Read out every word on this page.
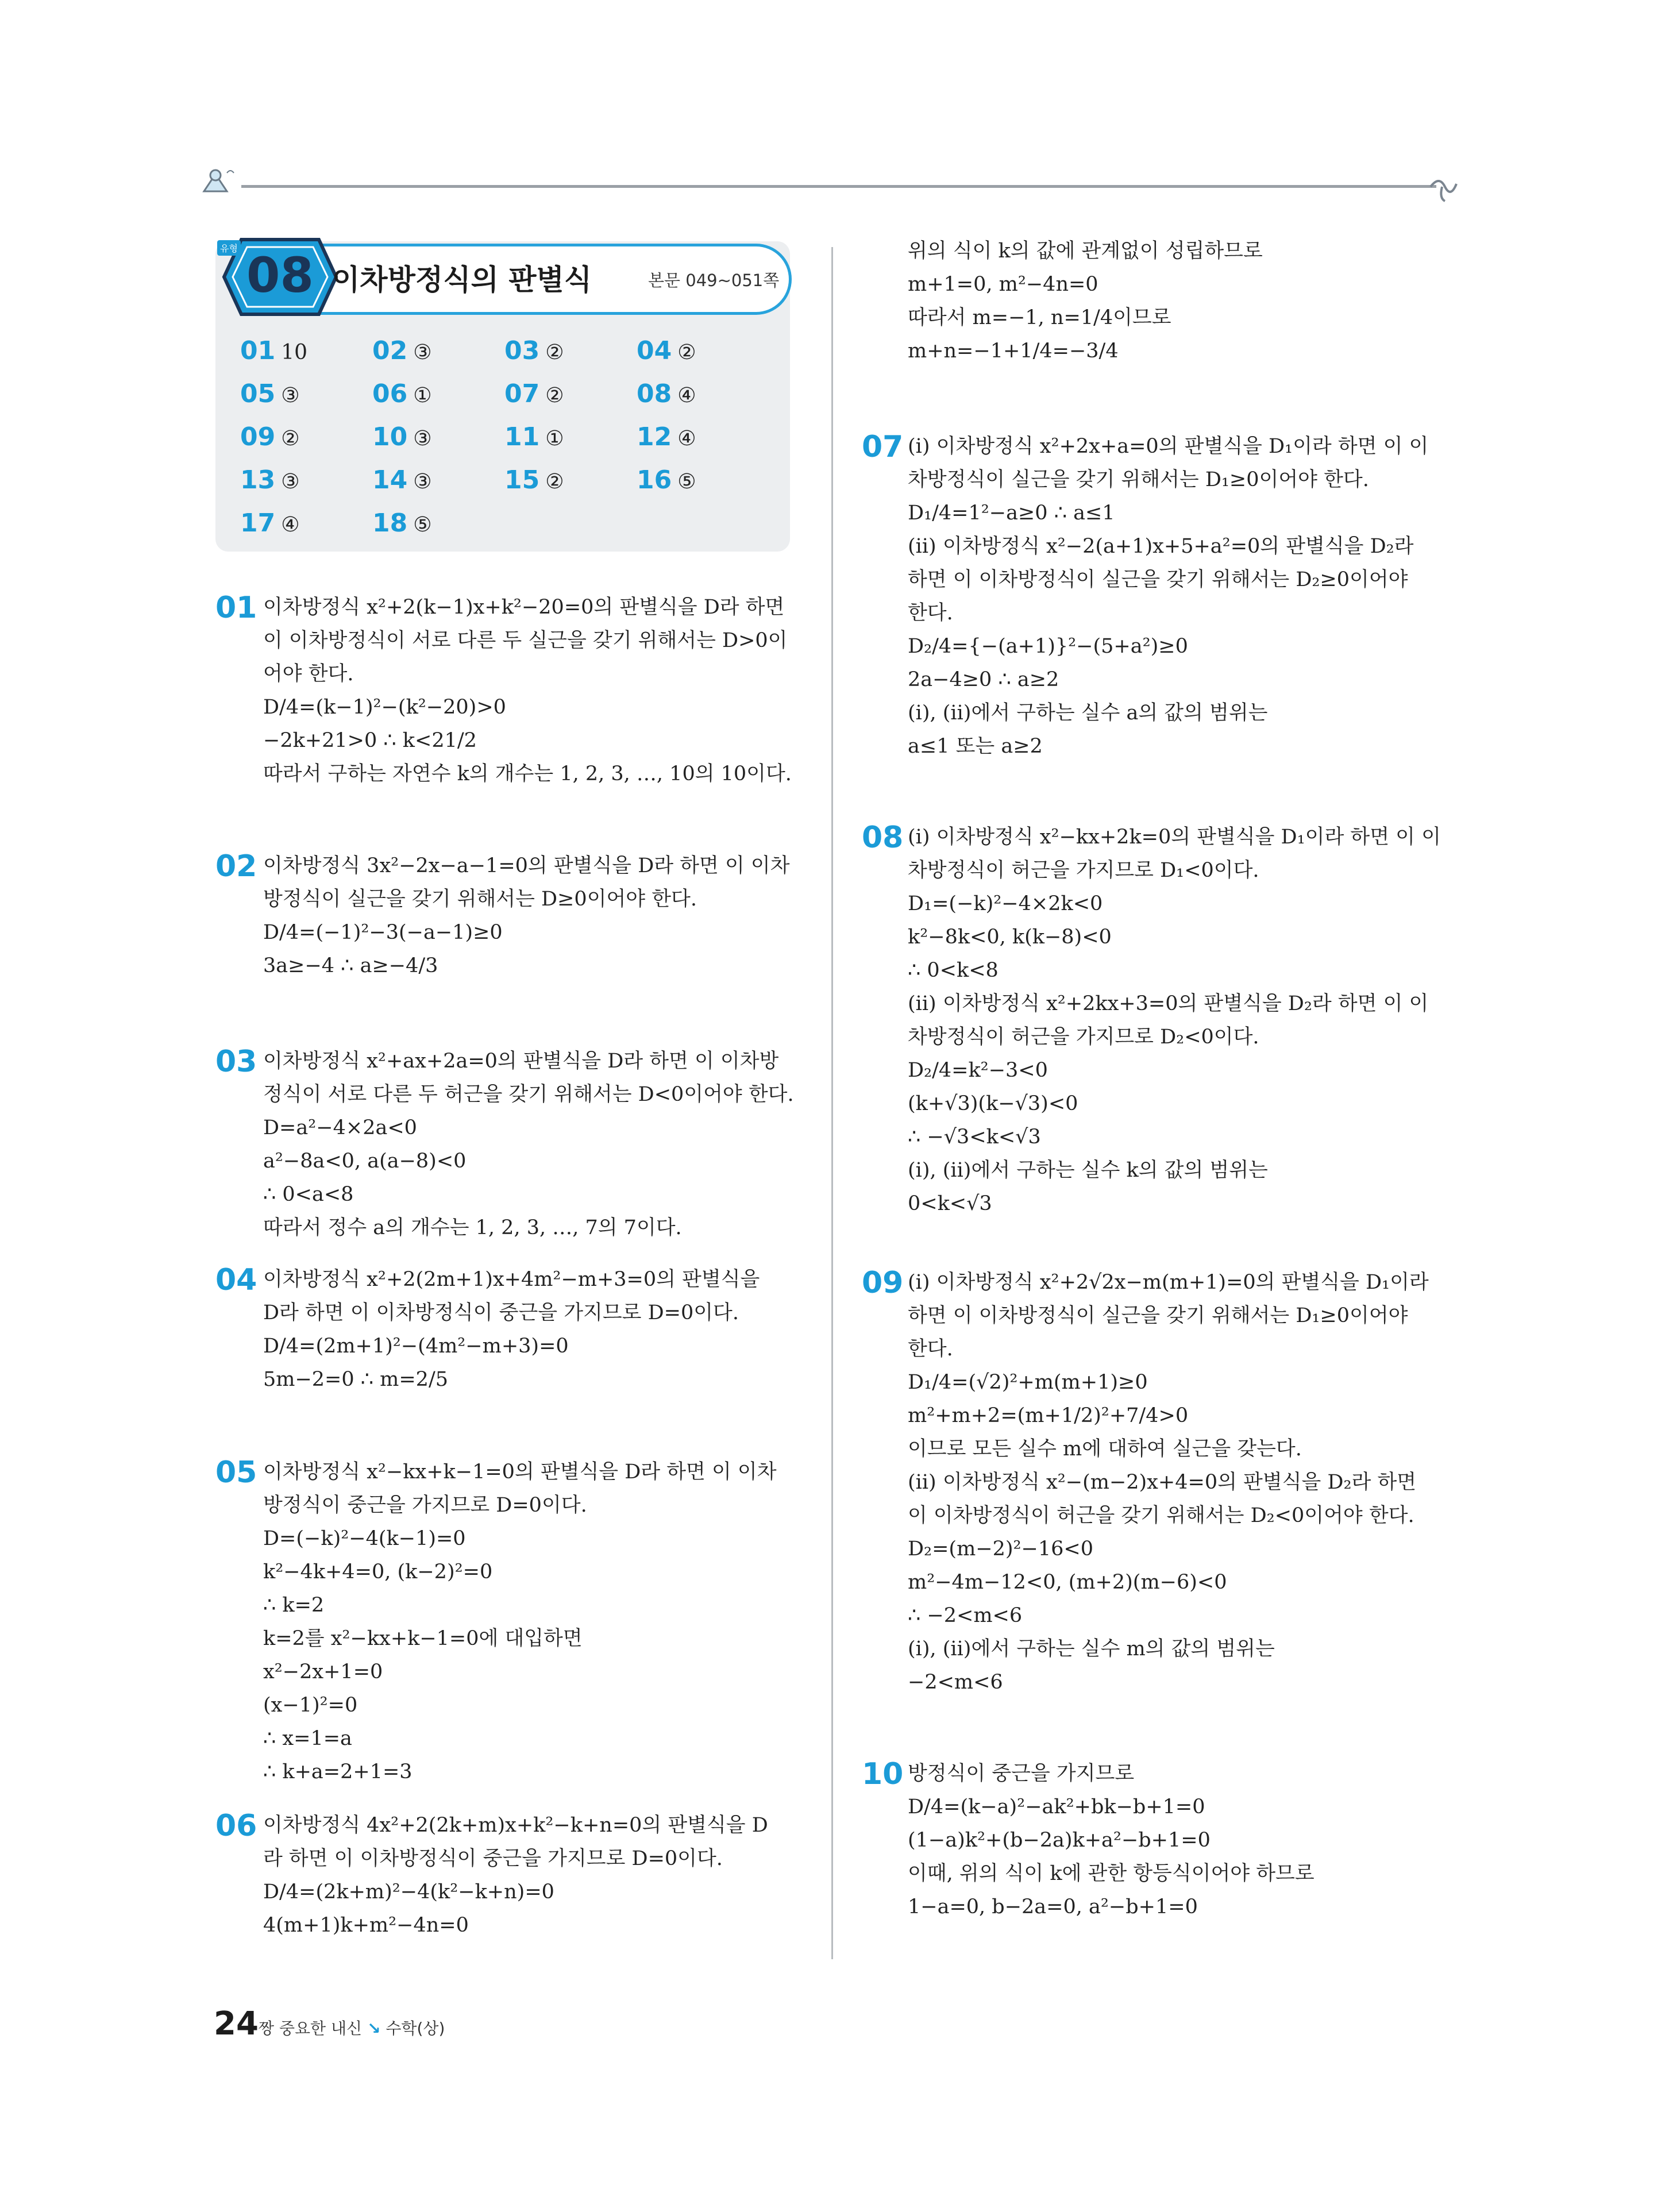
08
유형
이차방정식의 판별식	본문 049~051쪽
01 10	02 ③	03 ②	04 ②
05 ③	06 ①	07 ②	08 ④
09 ②	10 ③	11 ①	12 ④
13 ③	14 ③	15 ②	16 ⑤
17 ④	18 ⑤
01 이차방정식 x²+2(k−1)x+k²−20=0의 판별식을 D라 하면
이 이차방정식이 서로 다른 두 실근을 갖기 위해서는 D>0이
어야 한다.
D/4=(k−1)²−(k²−20)>0
−2k+21>0 ∴ k<21/2
따라서 구하는 자연수 k의 개수는 1, 2, 3, …, 10의 10이다.
02 이차방정식 3x²−2x−a−1=0의 판별식을 D라 하면 이 이차
방정식이 실근을 갖기 위해서는 D≥0이어야 한다.
D/4=(−1)²−3(−a−1)≥0
3a≥−4 ∴ a≥−4/3
03 이차방정식 x²+ax+2a=0의 판별식을 D라 하면 이 이차방
정식이 서로 다른 두 허근을 갖기 위해서는 D<0이어야 한다.
D=a²−4×2a<0
a²−8a<0, a(a−8)<0
∴ 0<a<8
따라서 정수 a의 개수는 1, 2, 3, …, 7의 7이다.
04 이차방정식 x²+2(2m+1)x+4m²−m+3=0의 판별식을
D라 하면 이 이차방정식이 중근을 가지므로 D=0이다.
D/4=(2m+1)²−(4m²−m+3)=0
5m−2=0 ∴ m=2/5
05 이차방정식 x²−kx+k−1=0의 판별식을 D라 하면 이 이차
방정식이 중근을 가지므로 D=0이다.
D=(−k)²−4(k−1)=0
k²−4k+4=0, (k−2)²=0
∴ k=2
k=2를 x²−kx+k−1=0에 대입하면
x²−2x+1=0
(x−1)²=0
∴ x=1=a
∴ k+a=2+1=3
06 이차방정식 4x²+2(2k+m)x+k²−k+n=0의 판별식을 D
라 하면 이 이차방정식이 중근을 가지므로 D=0이다.
D/4=(2k+m)²−4(k²−k+n)=0
4(m+1)k+m²−4n=0
위의 식이 k의 값에 관계없이 성립하므로
m+1=0, m²−4n=0
따라서 m=−1, n=1/4이므로
m+n=−1+1/4=−3/4
07 (ⅰ) 이차방정식 x²+2x+a=0의 판별식을 D₁이라 하면 이 이
차방정식이 실근을 갖기 위해서는 D₁≥0이어야 한다.
D₁/4=1²−a≥0 ∴ a≤1
(ⅱ) 이차방정식 x²−2(a+1)x+5+a²=0의 판별식을 D₂라
하면 이 이차방정식이 실근을 갖기 위해서는 D₂≥0이어야
한다.
D₂/4={−(a+1)}²−(5+a²)≥0
2a−4≥0 ∴ a≥2
(ⅰ), (ⅱ)에서 구하는 실수 a의 값의 범위는
a≤1 또는 a≥2
08 (ⅰ) 이차방정식 x²−kx+2k=0의 판별식을 D₁이라 하면 이 이
차방정식이 허근을 가지므로 D₁<0이다.
D₁=(−k)²−4×2k<0
k²−8k<0, k(k−8)<0
∴ 0<k<8
(ⅱ) 이차방정식 x²+2kx+3=0의 판별식을 D₂라 하면 이 이
차방정식이 허근을 가지므로 D₂<0이다.
D₂/4=k²−3<0
(k+√3)(k−√3)<0
∴ −√3<k<√3
(ⅰ), (ⅱ)에서 구하는 실수 k의 값의 범위는
0<k<√3
09 (ⅰ) 이차방정식 x²+2√2x−m(m+1)=0의 판별식을 D₁이라
하면 이 이차방정식이 실근을 갖기 위해서는 D₁≥0이어야
한다.
D₁/4=(√2)²+m(m+1)≥0
m²+m+2=(m+1/2)²+7/4>0
이므로 모든 실수 m에 대하여 실근을 갖는다.
(ⅱ) 이차방정식 x²−(m−2)x+4=0의 판별식을 D₂라 하면
이 이차방정식이 허근을 갖기 위해서는 D₂<0이어야 한다.
D₂=(m−2)²−16<0
m²−4m−12<0, (m+2)(m−6)<0
∴ −2<m<6
(ⅰ), (ⅱ)에서 구하는 실수 m의 값의 범위는
−2<m<6
10 방정식이 중근을 가지므로
D/4=(k−a)²−ak²+bk−b+1=0
(1−a)k²+(b−2a)k+a²−b+1=0
이때, 위의 식이 k에 관한 항등식이어야 하므로
1−a=0, b−2a=0, a²−b+1=0
24 짱 중요한 내신 ↘ 수학(상)
